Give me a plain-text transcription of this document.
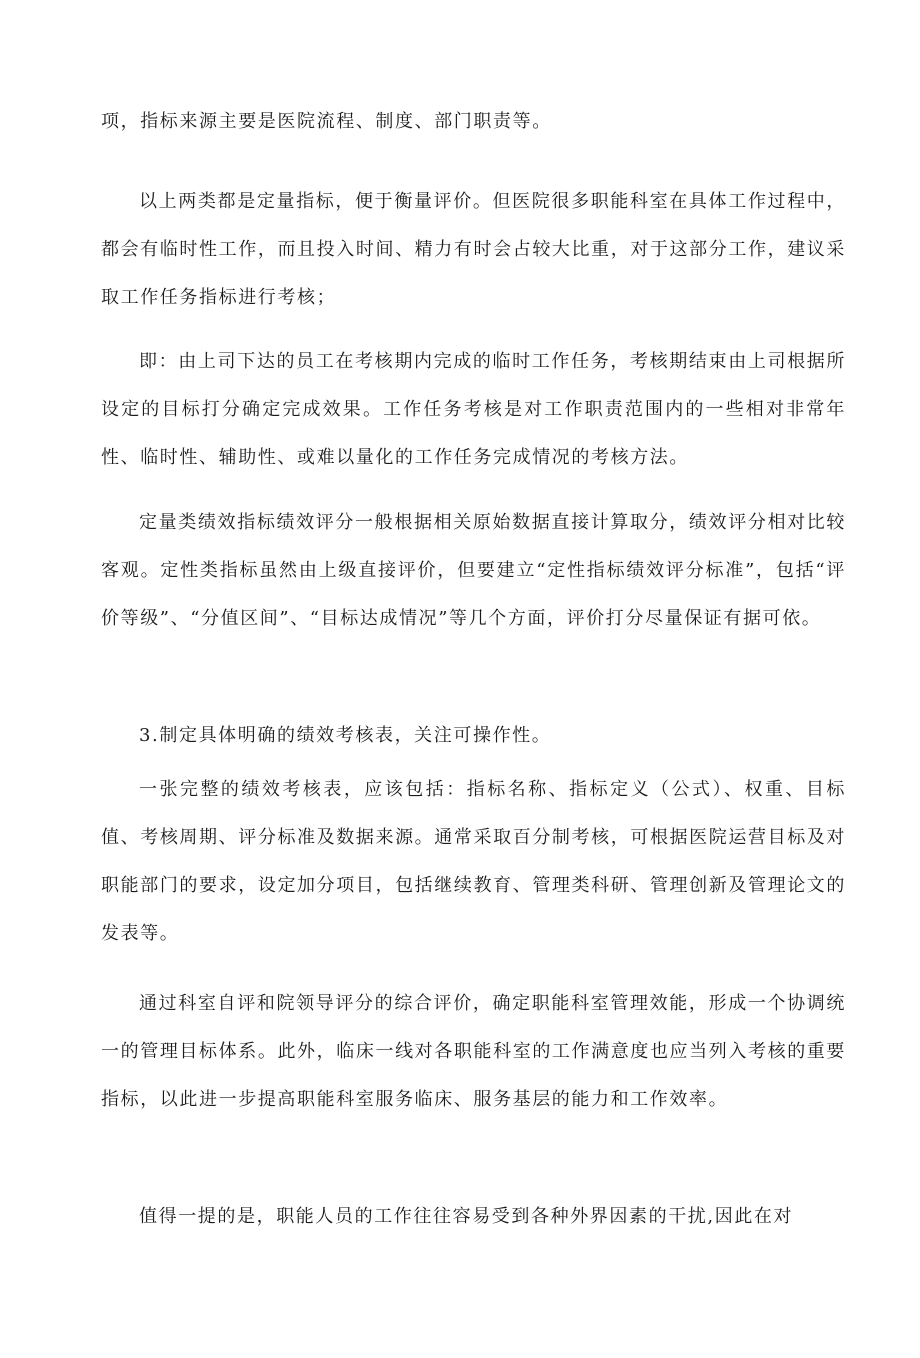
项，指标来源主要是医院流程、制度、部门职责等。

以上两类都是定量指标，便于衡量评价。但医院很多职能科室在具体工作过程中，都会有临时性工作，而且投入时间、精力有时会占较大比重，对于这部分工作，建议采取工作任务指标进行考核；

即：由上司下达的员工在考核期内完成的临时工作任务，考核期结束由上司根据所设定的目标打分确定完成效果。工作任务考核是对工作职责范围内的一些相对非常年性、临时性、辅助性、或难以量化的工作任务完成情况的考核方法。

定量类绩效指标绩效评分一般根据相关原始数据直接计算取分，绩效评分相对比较客观。定性类指标虽然由上级直接评价，但要建立“定性指标绩效评分标准”，包括“评价等级”、“分值区间”、“目标达成情况”等几个方面，评价打分尽量保证有据可依。

3.制定具体明确的绩效考核表，关注可操作性。

一张完整的绩效考核表，应该包括：指标名称、指标定义（公式）、权重、目标值、考核周期、评分标准及数据来源。通常采取百分制考核，可根据医院运营目标及对职能部门的要求，设定加分项目，包括继续教育、管理类科研、管理创新及管理论文的发表等。

通过科室自评和院领导评分的综合评价，确定职能科室管理效能，形成一个协调统一的管理目标体系。此外，临床一线对各职能科室的工作满意度也应当列入考核的重要指标，以此进一步提高职能科室服务临床、服务基层的能力和工作效率。

值得一提的是，职能人员的工作往往容易受到各种外界因素的干扰,因此在对
